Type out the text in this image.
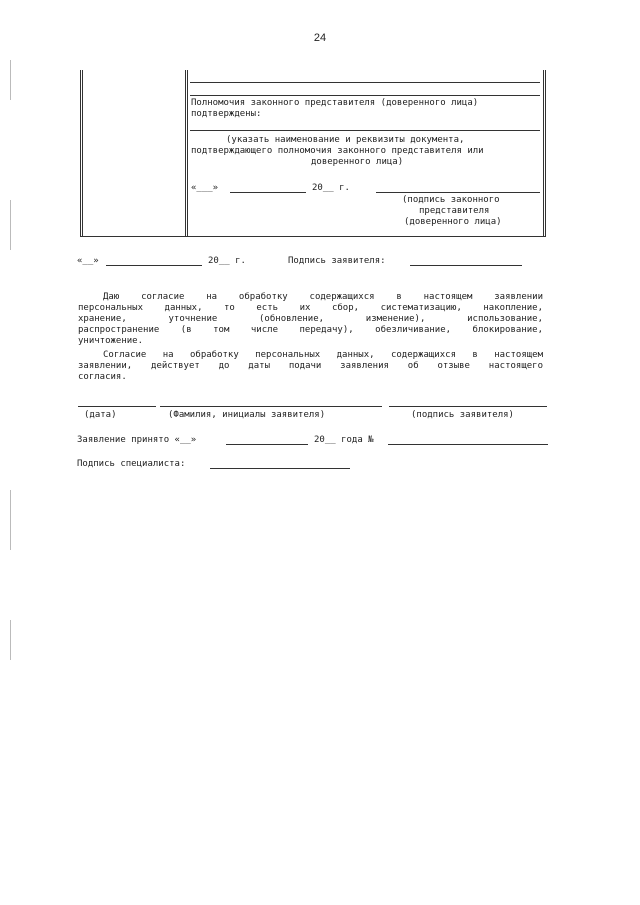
24
Полномочия законного представителя (доверенного лица)
подтверждены:
(указать наименование и реквизиты документа,
подтверждающего полномочия законного представителя или
доверенного лица)
«___»	20__ г.
(подпись законного
представителя
(доверенного лица)
«__»	20__ г.	Подпись заявителя:
Даю согласие на обработку содержащихся в настоящем заявлении
персональных данных, то есть их сбор, систематизацию, накопление,
хранение, уточнение (обновление, изменение), использование,
распространение (в том числе передачу), обезличивание, блокирование,
уничтожение.
Согласие на обработку персональных данных, содержащихся в настоящем
заявлении, действует до даты подачи заявления об отзыве настоящего
согласия.
(дата)	(Фамилия, инициалы заявителя)	(подпись заявителя)
Заявление принято «__»	20__ года №
Подпись специалиста:
